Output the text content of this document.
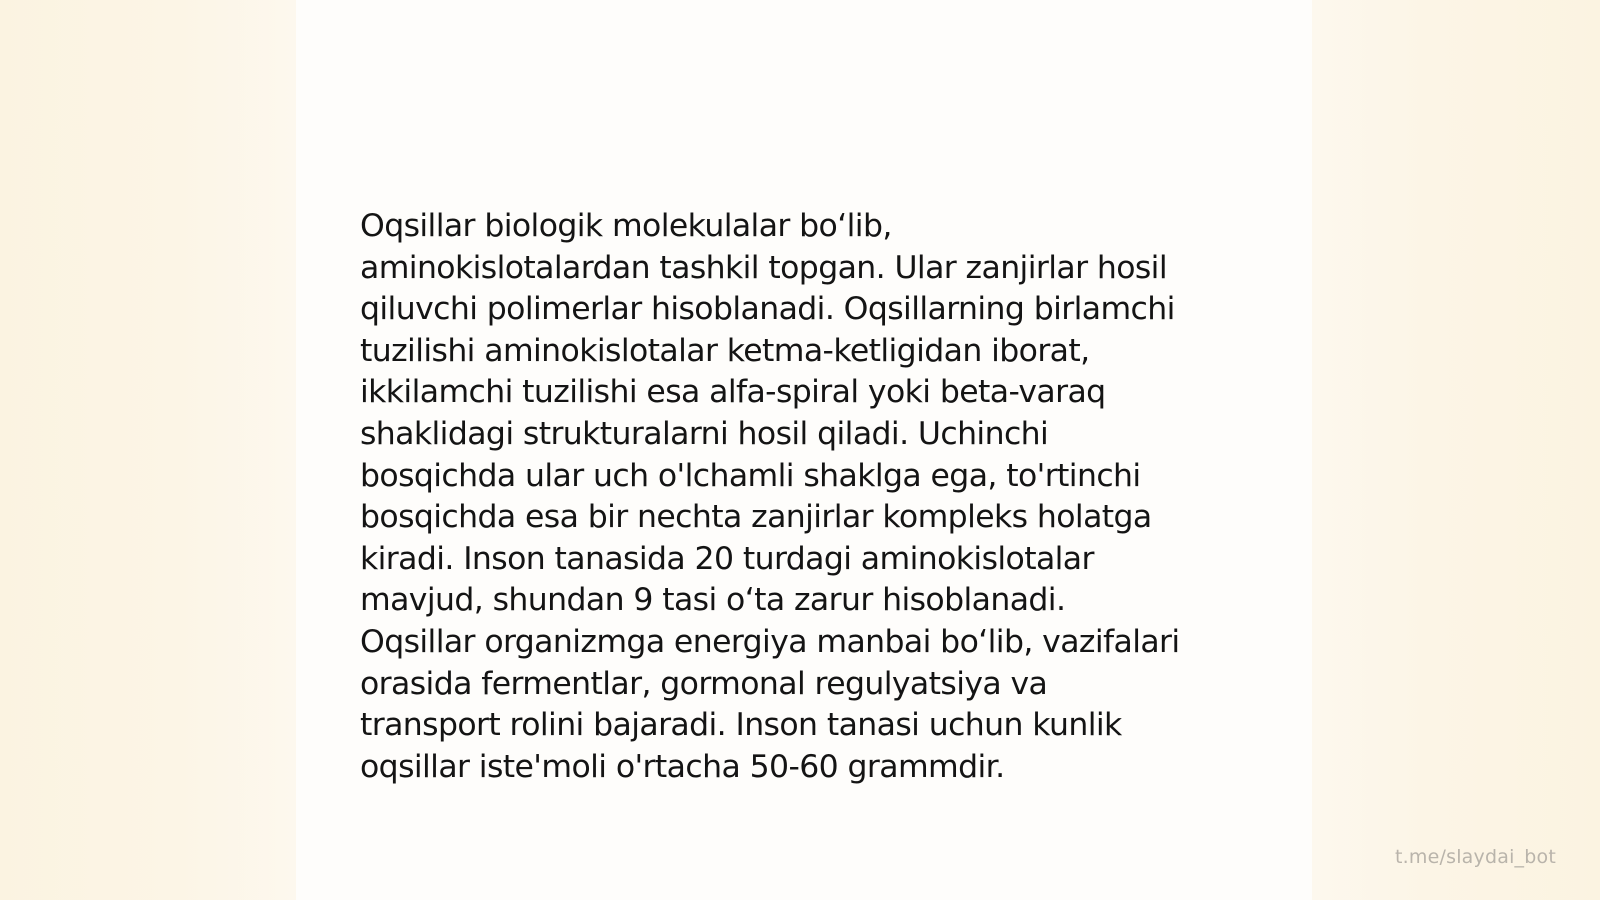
Oqsillar biologik molekulalar boʻlib,
aminokislotalardan tashkil topgan. Ular zanjirlar hosil
qiluvchi polimerlar hisoblanadi. Oqsillarning birlamchi
tuzilishi aminokislotalar ketma-ketligidan iborat,
ikkilamchi tuzilishi esa alfa-spiral yoki beta-varaq
shaklidagi strukturalarni hosil qiladi. Uchinchi
bosqichda ular uch o'lchamli shaklga ega, to'rtinchi
bosqichda esa bir nechta zanjirlar kompleks holatga
kiradi. Inson tanasida 20 turdagi aminokislotalar
mavjud, shundan 9 tasi oʻta zarur hisoblanadi.
Oqsillar organizmga energiya manbai boʻlib, vazifalari
orasida fermentlar, gormonal regulyatsiya va
transport rolini bajaradi. Inson tanasi uchun kunlik
oqsillar iste'moli o'rtacha 50-60 grammdir.

t.me/slaydai_bot
